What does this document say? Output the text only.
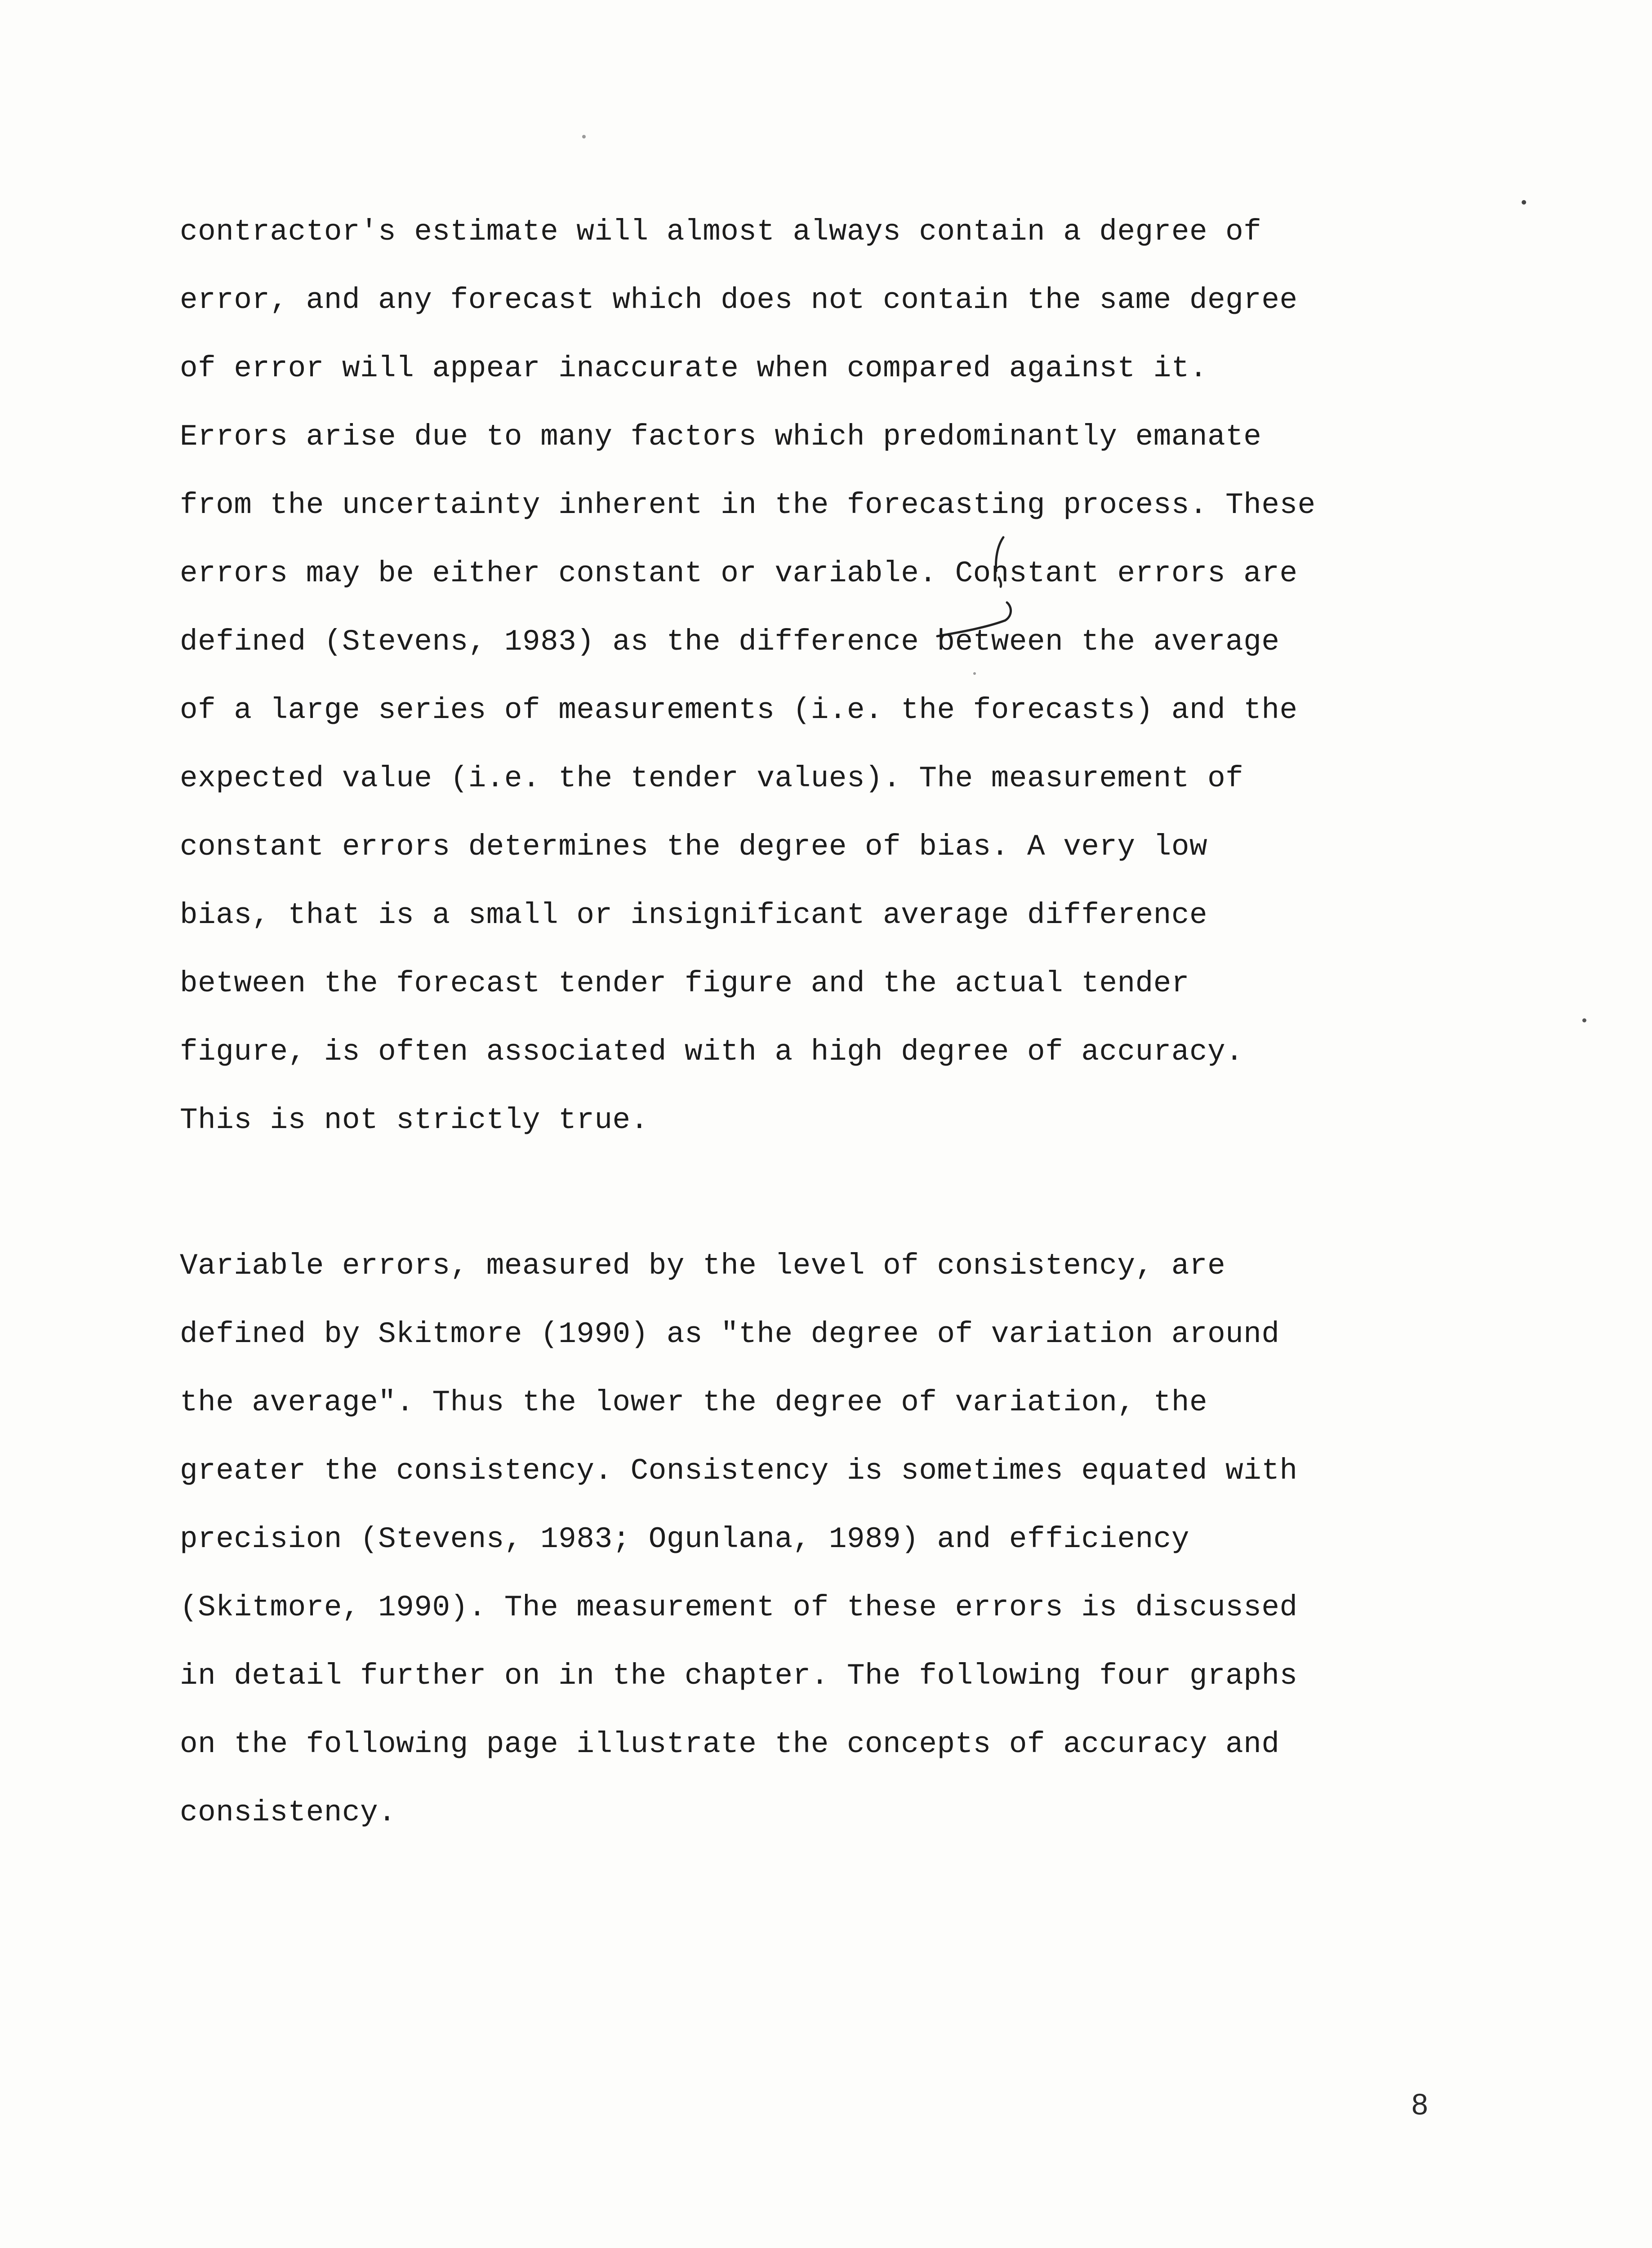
contractor's estimate will almost always contain a degree of
error, and any forecast which does not contain the same degree
of error will appear inaccurate when compared against it.
Errors arise due to many factors which predominantly emanate
from the uncertainty inherent in the forecasting process. These
errors may be either constant or variable. Constant errors are
defined (Stevens, 1983) as the difference between the average
of a large series of measurements (i.e. the forecasts) and the
expected value (i.e. the tender values). The measurement of
constant errors determines the degree of bias. A very low
bias, that is a small or insignificant average difference
between the forecast tender figure and the actual tender
figure, is often associated with a high degree of accuracy.
This is not strictly true.
Variable errors, measured by the level of consistency, are
defined by Skitmore (1990) as "the degree of variation around
the average". Thus the lower the degree of variation, the
greater the consistency. Consistency is sometimes equated with
precision (Stevens, 1983; Ogunlana, 1989) and efficiency
(Skitmore, 1990). The measurement of these errors is discussed
in detail further on in the chapter. The following four graphs
on the following page illustrate the concepts of accuracy and
consistency.
8
